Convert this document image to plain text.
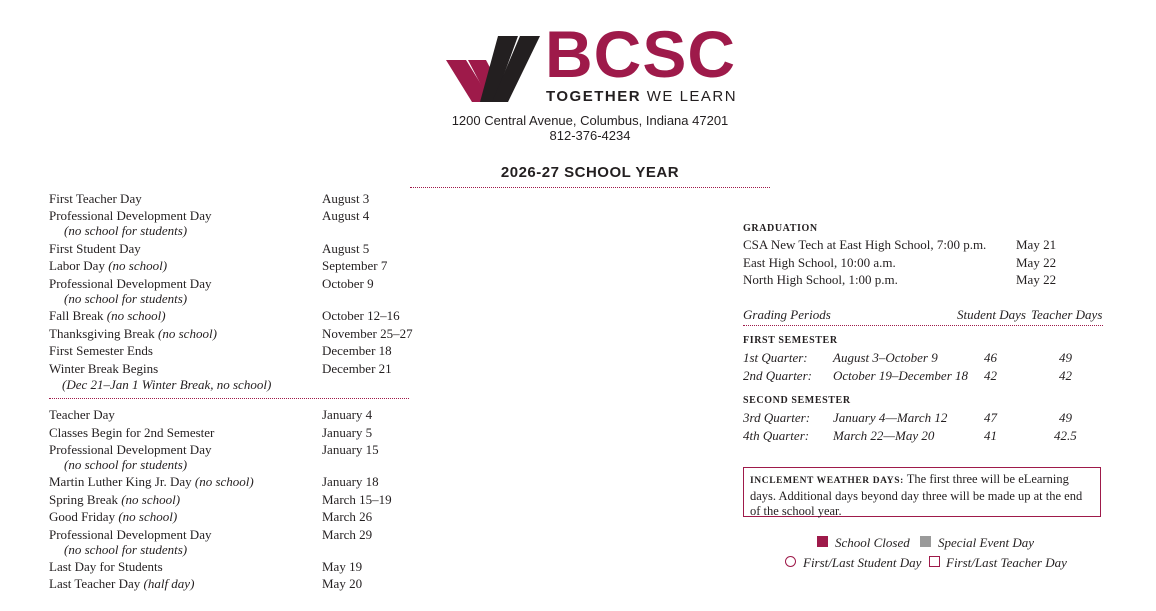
BCSC
TOGETHER WE LEARN
1200 Central Avenue, Columbus, Indiana 47201
812-376-4234
2026-27 SCHOOL YEAR
First Teacher Day	August 3
Professional Development Day	August 4
(no school for students)
First Student Day	August 5
Labor Day (no school)	September 7
Professional Development Day	October 9
(no school for students)
Fall Break (no school)	October 12–16
Thanksgiving Break (no school)	November 25–27
First Semester Ends	December 18
Winter Break Begins	December 21
(Dec 21–Jan 1 Winter Break, no school)
Teacher Day	January 4
Classes Begin for 2nd Semester	January 5
Professional Development Day	January 15
(no school for students)
Martin Luther King Jr. Day (no school)	January 18
Spring Break (no school)	March 15–19
Good Friday (no school)	March 26
Professional Development Day	March 29
(no school for students)
Last Day for Students	May 19
Last Teacher Day (half day)	May 20
GRADUATION
CSA New Tech at East High School, 7:00 p.m. May 21
East High School, 10:00 a.m.	May 22
North High School, 1:00 p.m.	May 22
Grading Periods	Student Days Teacher Days
FIRST SEMESTER
1st Quarter: August 3–October 9	46	49
2nd Quarter: October 19–December 18 42	42
SECOND SEMESTER
3rd Quarter: January 4—March 12	47	49
4th Quarter: March 22—May 20	41	42.5
INCLEMENT WEATHER DAYS: The first three will be eLearning days. Additional days beyond day three will be made up at the end of the school year.
School Closed Special Event Day
First/Last Student Day First/Last Teacher Day
